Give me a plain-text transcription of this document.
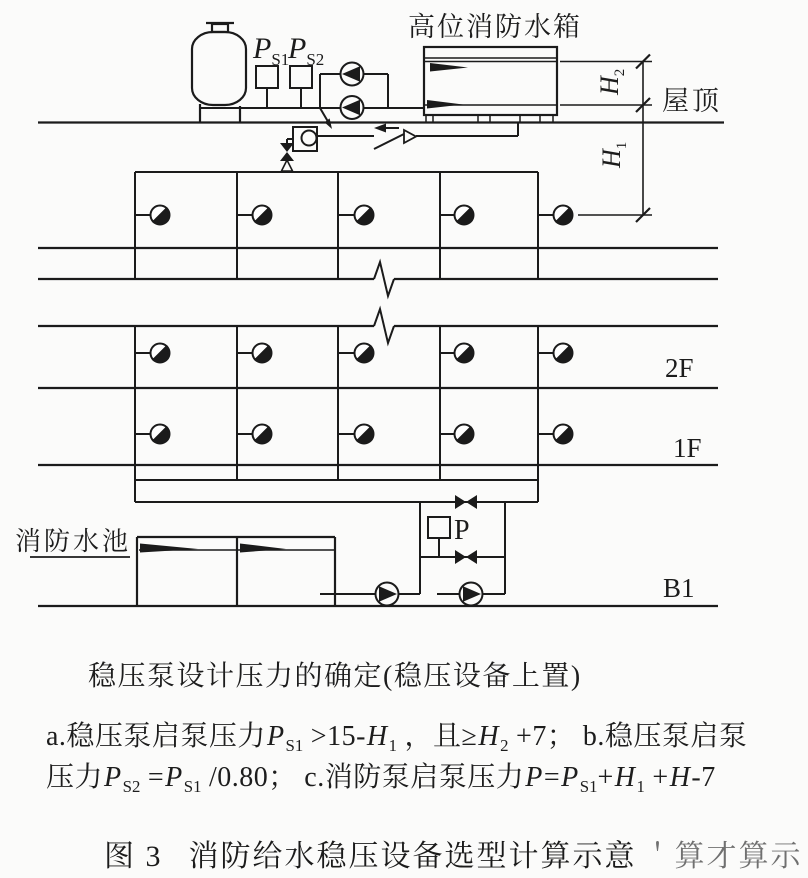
$P_{S1}$
$P_{S2}$
高位消防水箱
$H_2$
$H_1$
屋顶
2F
1F
B1
消防水池	P
稳压泵设计压力的确定(稳压设备上置)
a.稳压泵启泵压力$P_{S1} >15-H_1$ ，且$\ge H_2 +7$； b.稳压泵启泵
压力$P_{S2} =P_{S1}$ /0.80； c.消防泵启泵压力$P=P_{S1}+H_1 +H-7$
图 3 消防给水稳压设备选型计算示意 ＇算才算示
